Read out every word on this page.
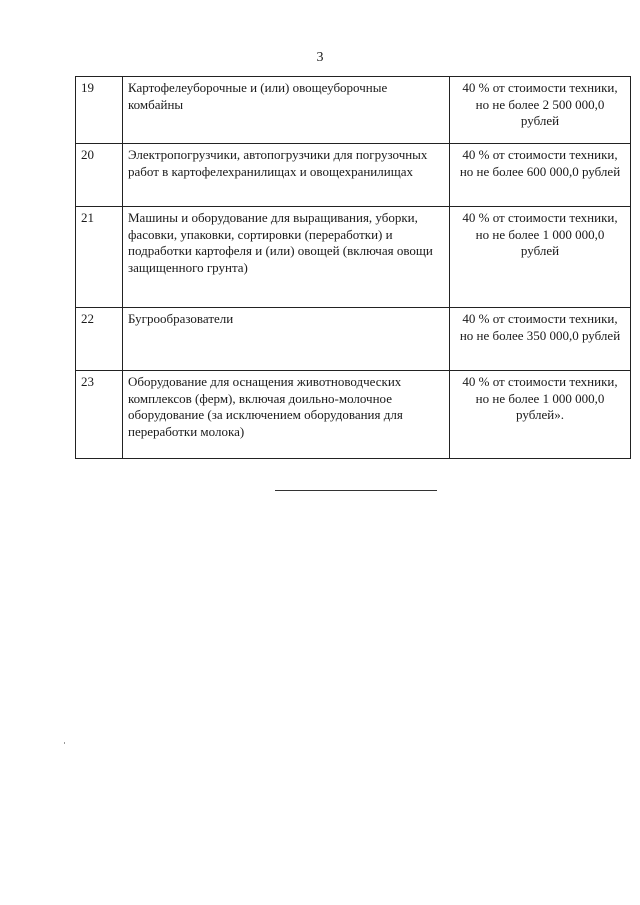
3
19	Картофелеуборочные и (или) овощеуборочные комбайны	40 % от стоимости техники, но не более 2 500 000,0 рублей
20	Электропогрузчики, автопогрузчики для погрузочных работ в картофелехранилищах и овощехранилищах	40 % от стоимости техники, но не более 600 000,0 рублей
21	Машины и оборудование для выращивания, уборки, фасовки, упаковки, сортировки (переработки) и подработки картофеля и (или) овощей (включая овощи защищенного грунта)	40 % от стоимости техники, но не более 1 000 000,0 рублей
22	Бугрообразователи	40 % от стоимости техники, но не более 350 000,0 рублей
23	Оборудование для оснащения животноводческих комплексов (ферм), включая доильно-молочное оборудование (за исключением оборудования для переработки молока)	40 % от стоимости техники, но не более 1 000 000,0 рублей».
